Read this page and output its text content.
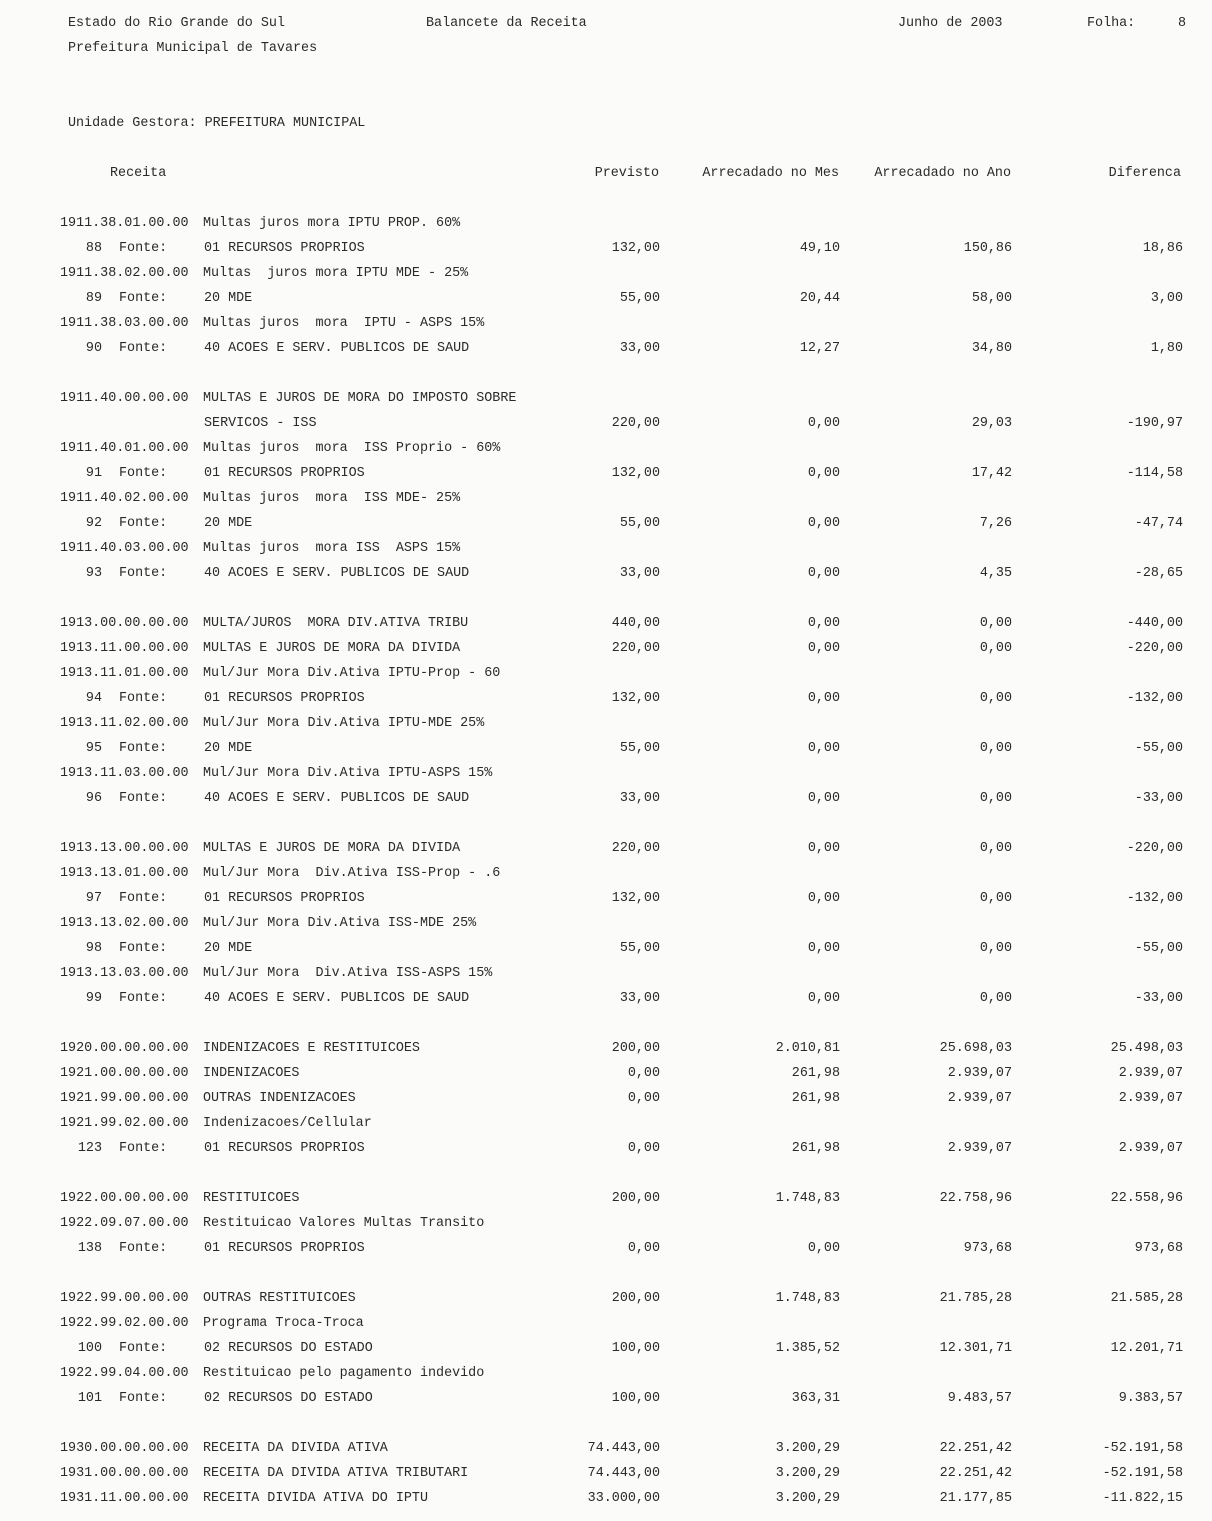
Estado do Rio Grande do Sul
Prefeitura Municipal de Tavares
Balancete da Receita	Junho de 2003	Folha:	8
Unidade Gestora: PREFEITURA MUNICIPAL
Receita	Previsto	Arrecadado no Mes	Arrecadado no Ano	Diferenca
1911.38.01.00.00 Multas juros mora IPTU PROP. 60%
88 Fonte:	01 RECURSOS PROPRIOS	132,00	49,10	150,86	18,86
1911.38.02.00.00 Multas  juros mora IPTU MDE - 25%
89 Fonte:	20 MDE	55,00	20,44	58,00	3,00
1911.38.03.00.00 Multas juros  mora  IPTU - ASPS 15%
90 Fonte:	40 ACOES E SERV. PUBLICOS DE SAUD	33,00	12,27	34,80	1,80
1911.40.00.00.00 MULTAS E JUROS DE MORA DO IMPOSTO SOBRE
SERVICOS - ISS	220,00	0,00	29,03	-190,97
1911.40.01.00.00 Multas juros  mora  ISS Proprio - 60%
91 Fonte:	01 RECURSOS PROPRIOS	132,00	0,00	17,42	-114,58
1911.40.02.00.00 Multas juros  mora  ISS MDE- 25%
92 Fonte:	20 MDE	55,00	0,00	7,26	-47,74
1911.40.03.00.00 Multas juros  mora ISS  ASPS 15%
93 Fonte:	40 ACOES E SERV. PUBLICOS DE SAUD	33,00	0,00	4,35	-28,65
1913.00.00.00.00 MULTA/JUROS  MORA DIV.ATIVA TRIBU	440,00	0,00	0,00	-440,00
1913.11.00.00.00 MULTAS E JUROS DE MORA DA DIVIDA	220,00	0,00	0,00	-220,00
1913.11.01.00.00 Mul/Jur Mora Div.Ativa IPTU-Prop - 60
94 Fonte:	01 RECURSOS PROPRIOS	132,00	0,00	0,00	-132,00
1913.11.02.00.00 Mul/Jur Mora Div.Ativa IPTU-MDE 25%
95 Fonte:	20 MDE	55,00	0,00	0,00	-55,00
1913.11.03.00.00 Mul/Jur Mora Div.Ativa IPTU-ASPS 15%
96 Fonte:	40 ACOES E SERV. PUBLICOS DE SAUD	33,00	0,00	0,00	-33,00
1913.13.00.00.00 MULTAS E JUROS DE MORA DA DIVIDA	220,00	0,00	0,00	-220,00
1913.13.01.00.00 Mul/Jur Mora  Div.Ativa ISS-Prop - .6
97 Fonte:	01 RECURSOS PROPRIOS	132,00	0,00	0,00	-132,00
1913.13.02.00.00 Mul/Jur Mora Div.Ativa ISS-MDE 25%
98 Fonte:	20 MDE	55,00	0,00	0,00	-55,00
1913.13.03.00.00 Mul/Jur Mora  Div.Ativa ISS-ASPS 15%
99 Fonte:	40 ACOES E SERV. PUBLICOS DE SAUD	33,00	0,00	0,00	-33,00
1920.00.00.00.00 INDENIZACOES E RESTITUICOES	200,00	2.010,81	25.698,03	25.498,03
1921.00.00.00.00 INDENIZACOES	0,00	261,98	2.939,07	2.939,07
1921.99.00.00.00 OUTRAS INDENIZACOES	0,00	261,98	2.939,07	2.939,07
1921.99.02.00.00 Indenizacoes/Cellular
123 Fonte:	01 RECURSOS PROPRIOS	0,00	261,98	2.939,07	2.939,07
1922.00.00.00.00 RESTITUICOES	200,00	1.748,83	22.758,96	22.558,96
1922.09.07.00.00 Restituicao Valores Multas Transito
138 Fonte:	01 RECURSOS PROPRIOS	0,00	0,00	973,68	973,68
1922.99.00.00.00 OUTRAS RESTITUICOES	200,00	1.748,83	21.785,28	21.585,28
1922.99.02.00.00 Programa Troca-Troca
100 Fonte:	02 RECURSOS DO ESTADO	100,00	1.385,52	12.301,71	12.201,71
1922.99.04.00.00 Restituicao pelo pagamento indevido
101 Fonte:	02 RECURSOS DO ESTADO	100,00	363,31	9.483,57	9.383,57
1930.00.00.00.00 RECEITA DA DIVIDA ATIVA	74.443,00	3.200,29	22.251,42	-52.191,58
1931.00.00.00.00 RECEITA DA DIVIDA ATIVA TRIBUTARI	74.443,00	3.200,29	22.251,42	-52.191,58
1931.11.00.00.00 RECEITA DIVIDA ATIVA DO IPTU	33.000,00	3.200,29	21.177,85	-11.822,15
